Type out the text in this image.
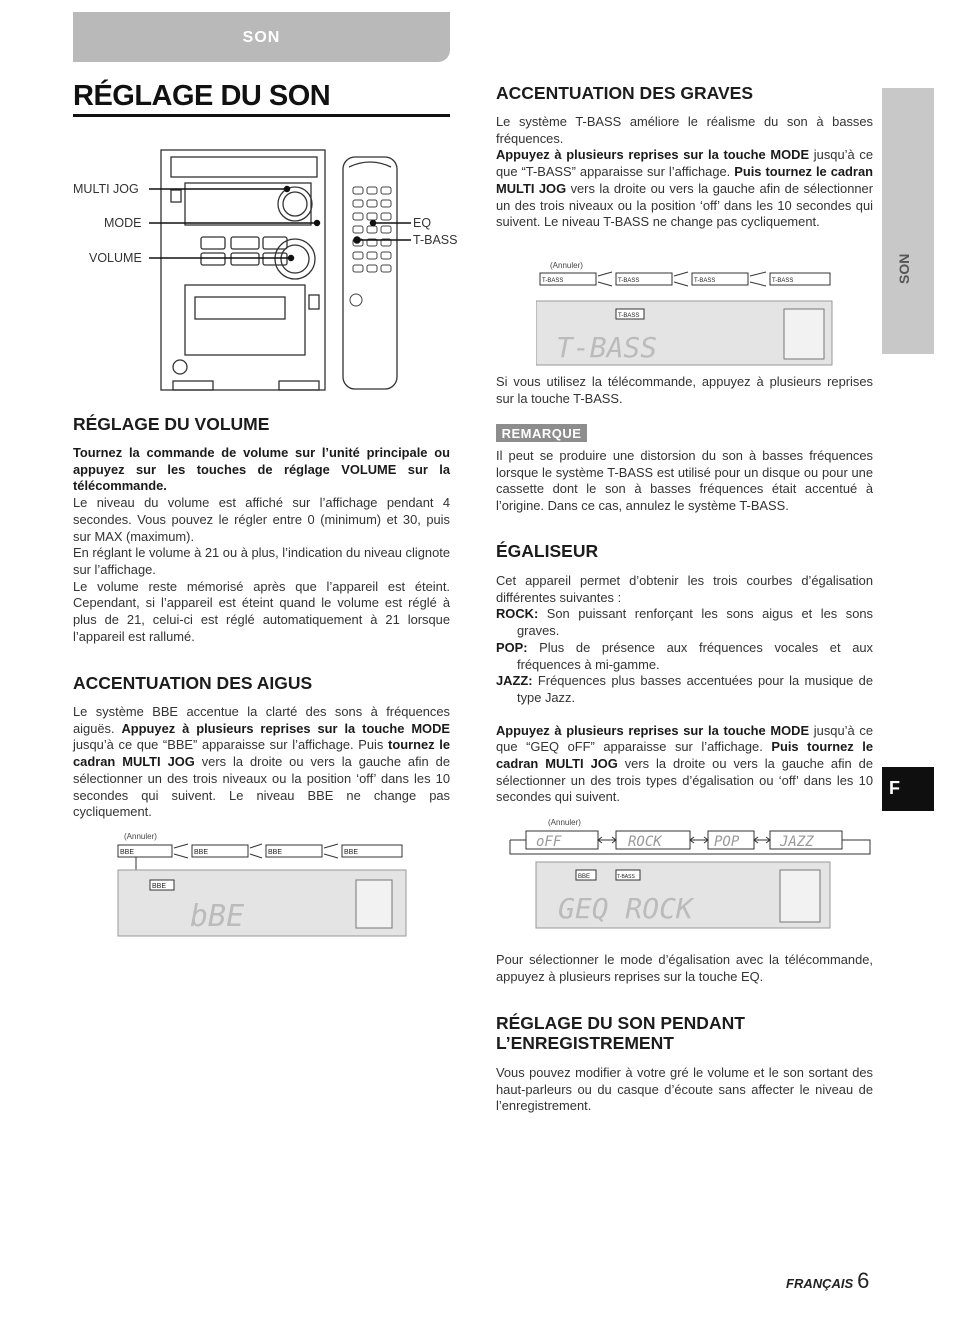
SON
RÉGLAGE DU SON
MULTI JOG
MODE
VOLUME
EQ
T-BASS
RÉGLAGE DU VOLUME

Tournez la commande de volume sur l’unité principale ou appuyez sur les touches de réglage VOLUME sur la télécommande.

Le niveau du volume est affiché sur l’affichage pendant 4 secondes. Vous pouvez le régler entre 0 (minimum) et 30, puis sur MAX (maximum).

En réglant le volume à 21 ou à plus, l’indication du niveau clignote sur l’affichage.

Le volume reste mémorisé après que l’appareil est éteint. Cependant, si l’appareil est éteint quand le volume est réglé à plus de 21, celui-ci est réglé automatiquement à 21 lorsque l’appareil est rallumé.

ACCENTUATION DES AIGUS

Le système BBE accentue la clarté des sons à fréquences aiguës. Appuyez à plusieurs reprises sur la touche MODE jusqu’à ce que “BBE” apparaisse sur l’affichage. Puis tournez le cadran MULTI JOG vers la droite ou vers la gauche afin de sélectionner un des trois niveaux ou la position ‘off’ dans les 10 secondes qui suivent. Le niveau BBE ne change pas cycliquement.

(Annuler)
BBE	BBE	BBE	BBE
BBE
bBE
ACCENTUATION DES GRAVES

Le système T-BASS améliore le réalisme du son à basses fréquences.

Appuyez à plusieurs reprises sur la touche MODE jusqu’à ce que “T-BASS” apparaisse sur l’affichage. Puis tournez le cadran MULTI JOG vers la droite ou vers la gauche afin de sélectionner un des trois niveaux ou la position ‘off’ dans les 10 secondes qui suivent. Le niveau T-BASS ne change pas cycliquement.

(Annuler)
T-BASS	T-BASS	T-BASS	T-BASS
T-BASS
T-BASS

Si vous utilisez la télécommande, appuyez à plusieurs reprises sur la touche T-BASS.

REMARQUE

Il peut se produire une distorsion du son à basses fréquences lorsque le système T-BASS est utilisé pour un disque ou pour une cassette dont le son à basses fréquences était accentué à l’origine. Dans ce cas, annulez le système T-BASS.

ÉGALISEUR

Cet appareil permet d’obtenir les trois courbes d’égalisation différentes suivantes :

ROCK: Son puissant renforçant les sons aigus et les sons graves.

POP: Plus de présence aux fréquences vocales et aux fréquences à mi-gamme.

JAZZ: Fréquences plus basses accentuées pour la musique de type Jazz.

Appuyez à plusieurs reprises sur la touche MODE jusqu’à ce que “GEQ oFF” apparaisse sur l’affichage. Puis tournez le cadran MULTI JOG vers la droite ou vers la gauche afin de sélectionner un des trois types d’égalisation ou ‘off’ dans les 10 secondes qui suivent.

(Annuler)
oFF	ROCK	POP	JAZZ
BBE	T-BASS
GEQ ROCK

Pour sélectionner le mode d’égalisation avec la télécommande, appuyez à plusieurs reprises sur la touche EQ.

RÉGLAGE DU SON PENDANT L’ENREGISTREMENT

Vous pouvez modifier à votre gré le volume et le son sortant des haut-parleurs ou du casque d’écoute sans affecter le niveau de l’enregistrement.

SON
F
FRANÇAIS 6
